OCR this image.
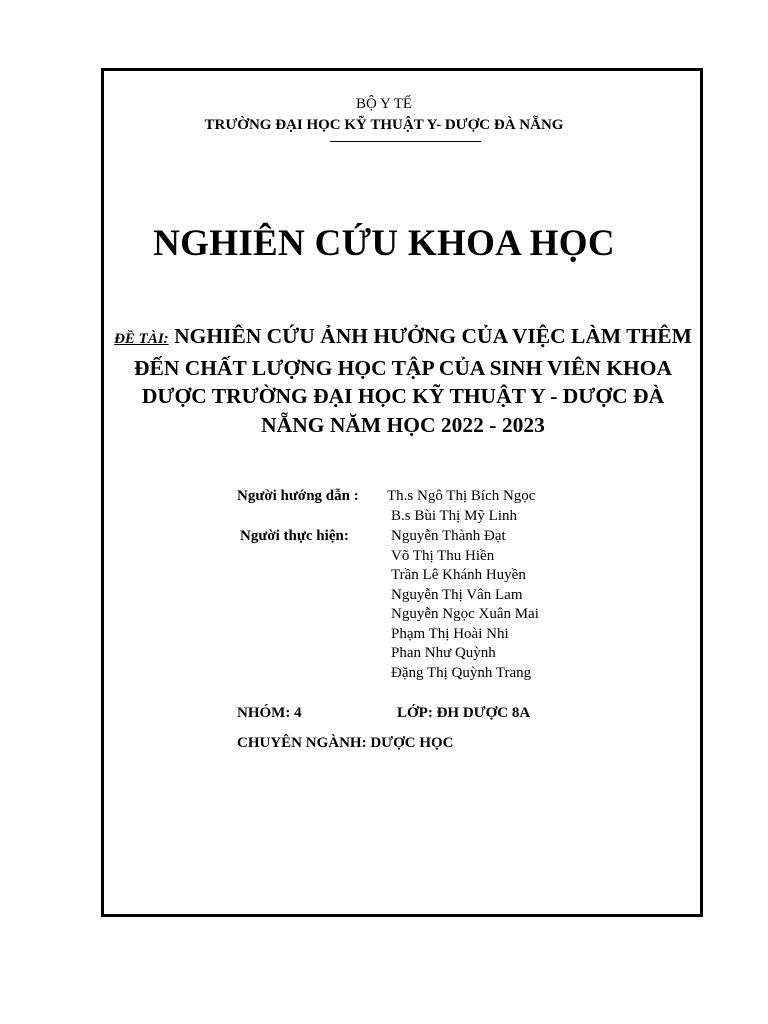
BỘ Y TẾ
TRƯỜNG ĐẠI HỌC KỸ THUẬT Y- DƯỢC ĐÀ NẴNG
NGHIÊN CỨU KHOA HỌC
ĐỀ TÀI: NGHIÊN CỨU ẢNH HƯỞNG CỦA VIỆC LÀM THÊM ĐẾN CHẤT LƯỢNG HỌC TẬP CỦA SINH VIÊN KHOA DƯỢC TRƯỜNG ĐẠI HỌC KỸ THUẬT Y - DƯỢC ĐÀ NẴNG NĂM HỌC 2022 - 2023
Người hướng dẫn : Th.s Ngô Thị Bích Ngọc
B.s Bùi Thị Mỹ Linh
Người thực hiện:	Nguyễn Thành Đạt
Võ Thị Thu Hiền
Trần Lê Khánh Huyền
Nguyễn Thị Vân Lam
Nguyễn Ngọc Xuân Mai
Phạm Thị Hoài Nhi
Phan Như Quỳnh
Đặng Thị Quỳnh Trang
NHÓM: 4	LỚP: ĐH DƯỢC 8A
CHUYÊN NGÀNH: DƯỢC HỌC
